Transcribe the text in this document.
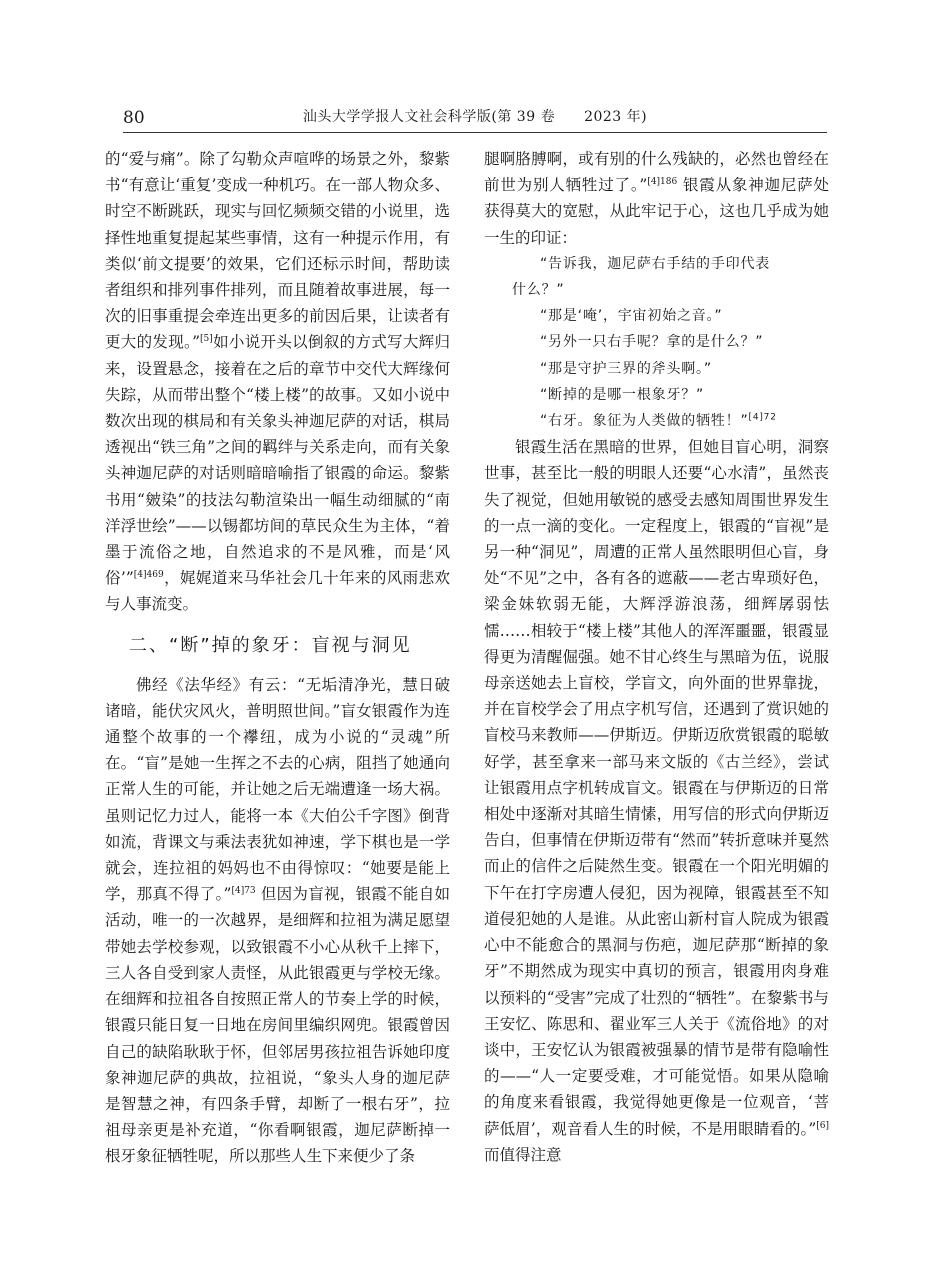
80	汕头大学学报人文社会科学版(第 39 卷　　2023 年)

的“爱与痛”。除了勾勒众声喧哗的场景之外，黎紫书“有意让‘重复’变成一种机巧。在一部人物众多、时空不断跳跃，现实与回忆频频交错的小说里，选择性地重复提起某些事情，这有一种提示作用，有类似‘前文提要’的效果，它们还标示时间，帮助读者组织和排列事件排列，而且随着故事进展，每一次的旧事重提会牵连出更多的前因后果，让读者有更大的发现。”[5]如小说开头以倒叙的方式写大辉归来，设置悬念，接着在之后的章节中交代大辉缘何失踪，从而带出整个“楼上楼”的故事。又如小说中数次出现的棋局和有关象头神迦尼萨的对话，棋局透视出“铁三角”之间的羁绊与关系走向，而有关象头神迦尼萨的对话则暗暗喻指了银霞的命运。黎紫书用“皴染”的技法勾勒渲染出一幅生动细腻的“南洋浮世绘”——以锡都坊间的草民众生为主体，“着墨于流俗之地，自然追求的不是风雅，而是‘风俗’”$^{[4]469}$，娓娓道来马华社会几十年来的风雨悲欢与人事流变。

二、“断”掉的象牙：盲视与洞见

佛经《法华经》有云：“无垢清净光，慧日破诸暗，能伏灾风火，普明照世间。”盲女银霞作为连通整个故事的一个襻纽，成为小说的“灵魂”所在。“盲”是她一生挥之不去的心病，阻挡了她通向正常人生的可能，并让她之后无端遭逢一场大祸。虽则记忆力过人，能将一本《大伯公千字图》倒背如流，背课文与乘法表犹如神速，学下棋也是一学就会，连拉祖的妈妈也不由得惊叹：“她要是能上学，那真不得了。”$^{[4]73}$ 但因为盲视，银霞不能自如活动，唯一的一次越界，是细辉和拉祖为满足愿望带她去学校参观，以致银霞不小心从秋千上摔下，三人各自受到家人责怪，从此银霞更与学校无缘。在细辉和拉祖各自按照正常人的节奏上学的时候，银霞只能日复一日地在房间里编织网兜。银霞曾因自己的缺陷耿耿于怀，但邻居男孩拉祖告诉她印度象神迦尼萨的典故，拉祖说，“象头人身的迦尼萨是智慧之神，有四条手臂，却断了一根右牙”，拉祖母亲更是补充道，“你看啊银霞，迦尼萨断掉一根牙象征牺牲呢，所以那些人生下来便少了条

腿啊胳膊啊，或有别的什么残缺的，必然也曾经在前世为别人牺牲过了。”$^{[4]186}$ 银霞从象神迦尼萨处获得莫大的宽慰，从此牢记于心，这也几乎成为她一生的印证：

“告诉我，迦尼萨右手结的手印代表

什么？”

“那是‘唵’，宇宙初始之音。”

“另外一只右手呢？拿的是什么？”

“那是守护三界的斧头啊。”

“断掉的是哪一根象牙？”

“右牙。象征为人类做的牺牲！”$^{[4]72}$

银霞生活在黑暗的世界，但她目盲心明，洞察世事，甚至比一般的明眼人还要“心水清”，虽然丧失了视觉，但她用敏锐的感受去感知周围世界发生的一点一滴的变化。一定程度上，银霞的“盲视”是另一种“洞见”，周遭的正常人虽然眼明但心盲，身处“不见”之中，各有各的遮蔽——老古卑琐好色，梁金妹软弱无能，大辉浮游浪荡，细辉孱弱怯懦……相较于“楼上楼”其他人的浑浑噩噩，银霞显得更为清醒倔强。她不甘心终生与黑暗为伍，说服母亲送她去上盲校，学盲文，向外面的世界靠拢，并在盲校学会了用点字机写信，还遇到了赏识她的盲校马来教师——伊斯迈。伊斯迈欣赏银霞的聪敏好学，甚至拿来一部马来文版的《古兰经》，尝试让银霞用点字机转成盲文。银霞在与伊斯迈的日常相处中逐渐对其暗生情愫，用写信的形式向伊斯迈告白，但事情在伊斯迈带有“然而”转折意味并戛然而止的信件之后陡然生变。银霞在一个阳光明媚的下午在打字房遭人侵犯，因为视障，银霞甚至不知道侵犯她的人是谁。从此密山新村盲人院成为银霞心中不能愈合的黑洞与伤疤，迦尼萨那“断掉的象牙”不期然成为现实中真切的预言，银霞用肉身难以预料的“受害”完成了壮烈的“牺牲”。在黎紫书与王安忆、陈思和、翟业军三人关于《流俗地》的对谈中，王安忆认为银霞被强暴的情节是带有隐喻性的——“人一定要受难，才可能觉悟。如果从隐喻的角度来看银霞，我觉得她更像是一位观音，‘菩萨低眉’，观音看人生的时候，不是用眼睛看的。”[6]而值得注意
